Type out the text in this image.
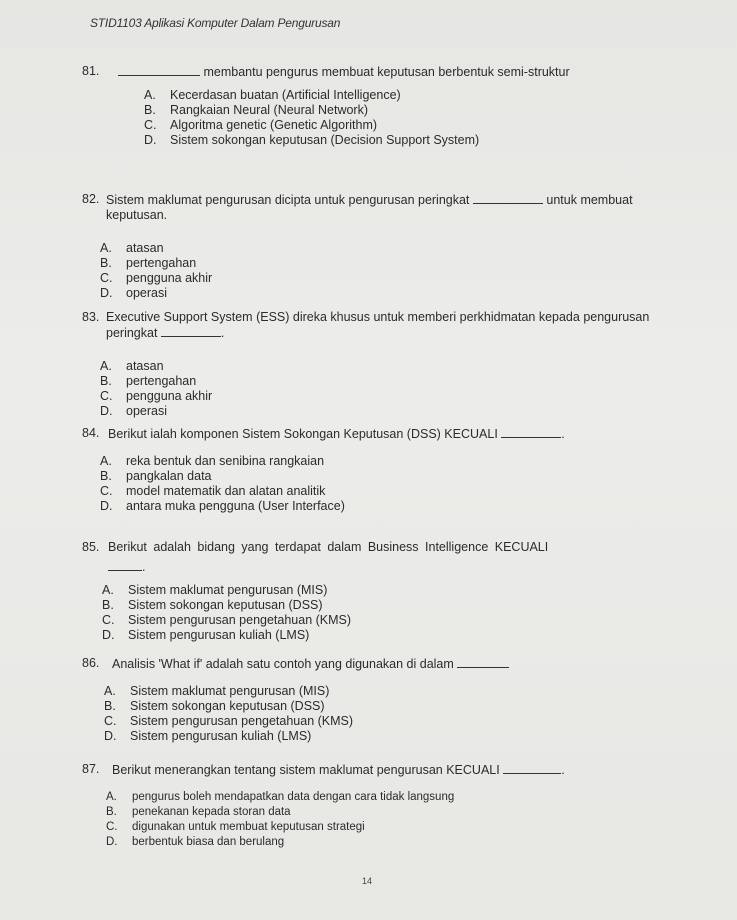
STID1103 Aplikasi Komputer Dalam Pengurusan
81.	membantu pengurus membuat keputusan berbentuk semi-struktur
A.	Kecerdasan buatan (Artificial Intelligence)
B.	Rangkaian Neural (Neural Network)
C.	Algoritma genetic (Genetic Algorithm)
D.	Sistem sokongan keputusan (Decision Support System)
82. Sistem maklumat pengurusan dicipta untuk pengurusan peringkat	untuk membuat keputusan.
A.	atasan
B.	pertengahan
C.	pengguna akhir
D.	operasi
83. Executive Support System (ESS) direka khusus untuk memberi perkhidmatan kepada pengurusan peringkat	.
A.	atasan
B.	pertengahan
C.	pengguna akhir
D.	operasi
84. Berikut ialah komponen Sistem Sokongan Keputusan (DSS) KECUALI	.
A.	reka bentuk dan senibina rangkaian
B.	pangkalan data
C.	model matematik dan alatan analitik
D.	antara muka pengguna (User Interface)
85. Berikut adalah bidang yang terdapat dalam Business Intelligence KECUALI
.
A.	Sistem maklumat pengurusan (MIS)
B.	Sistem sokongan keputusan (DSS)
C.	Sistem pengurusan pengetahuan (KMS)
D.	Sistem pengurusan kuliah (LMS)
86.	Analisis 'What if' adalah satu contoh yang digunakan di dalam
A.	Sistem maklumat pengurusan (MIS)
B.	Sistem sokongan keputusan (DSS)
C.	Sistem pengurusan pengetahuan (KMS)
D.	Sistem pengurusan kuliah (LMS)
87.	Berikut menerangkan tentang sistem maklumat pengurusan KECUALI	.
A.	pengurus boleh mendapatkan data dengan cara tidak langsung
B.	penekanan kepada storan data
C.	digunakan untuk membuat keputusan strategi
D.	berbentuk biasa dan berulang
14
